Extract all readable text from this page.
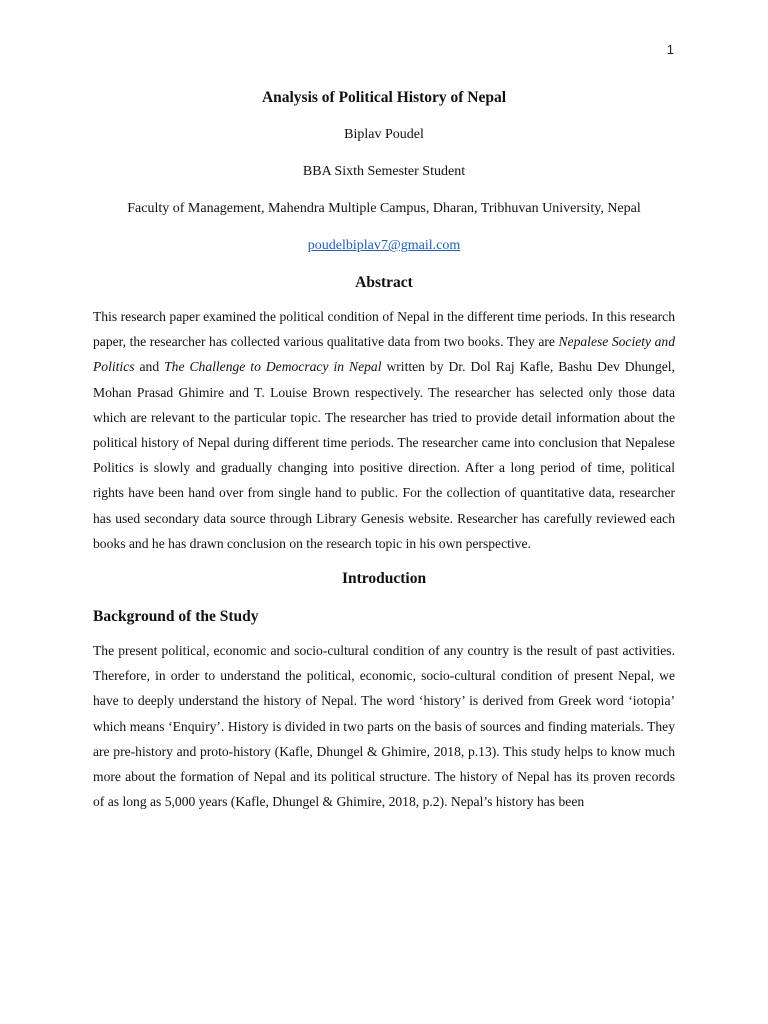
1
Analysis of Political History of Nepal

Biplav Poudel

BBA Sixth Semester Student

Faculty of Management, Mahendra Multiple Campus, Dharan, Tribhuvan University, Nepal

poudelbiplav7@gmail.com

Abstract

This research paper examined the political condition of Nepal in the different time periods. In this research paper, the researcher has collected various qualitative data from two books. They are Nepalese Society and Politics and The Challenge to Democracy in Nepal written by Dr. Dol Raj Kafle, Bashu Dev Dhungel, Mohan Prasad Ghimire and T. Louise Brown respectively. The researcher has selected only those data which are relevant to the particular topic. The researcher has tried to provide detail information about the political history of Nepal during different time periods. The researcher came into conclusion that Nepalese Politics is slowly and gradually changing into positive direction. After a long period of time, political rights have been hand over from single hand to public. For the collection of quantitative data, researcher has used secondary data source through Library Genesis website. Researcher has carefully reviewed each books and he has drawn conclusion on the research topic in his own perspective.

Introduction
Background of the Study

The present political, economic and socio-cultural condition of any country is the result of past activities. Therefore, in order to understand the political, economic, socio-cultural condition of present Nepal, we have to deeply understand the history of Nepal. The word ‘history’ is derived from Greek word ‘iotopia’ which means ‘Enquiry’. History is divided in two parts on the basis of sources and finding materials. They are pre-history and proto-history (Kafle, Dhungel & Ghimire, 2018, p.13). This study helps to know much more about the formation of Nepal and its political structure. The history of Nepal has its proven records of as long as 5,000 years (Kafle, Dhungel & Ghimire, 2018, p.2). Nepal’s history has been
